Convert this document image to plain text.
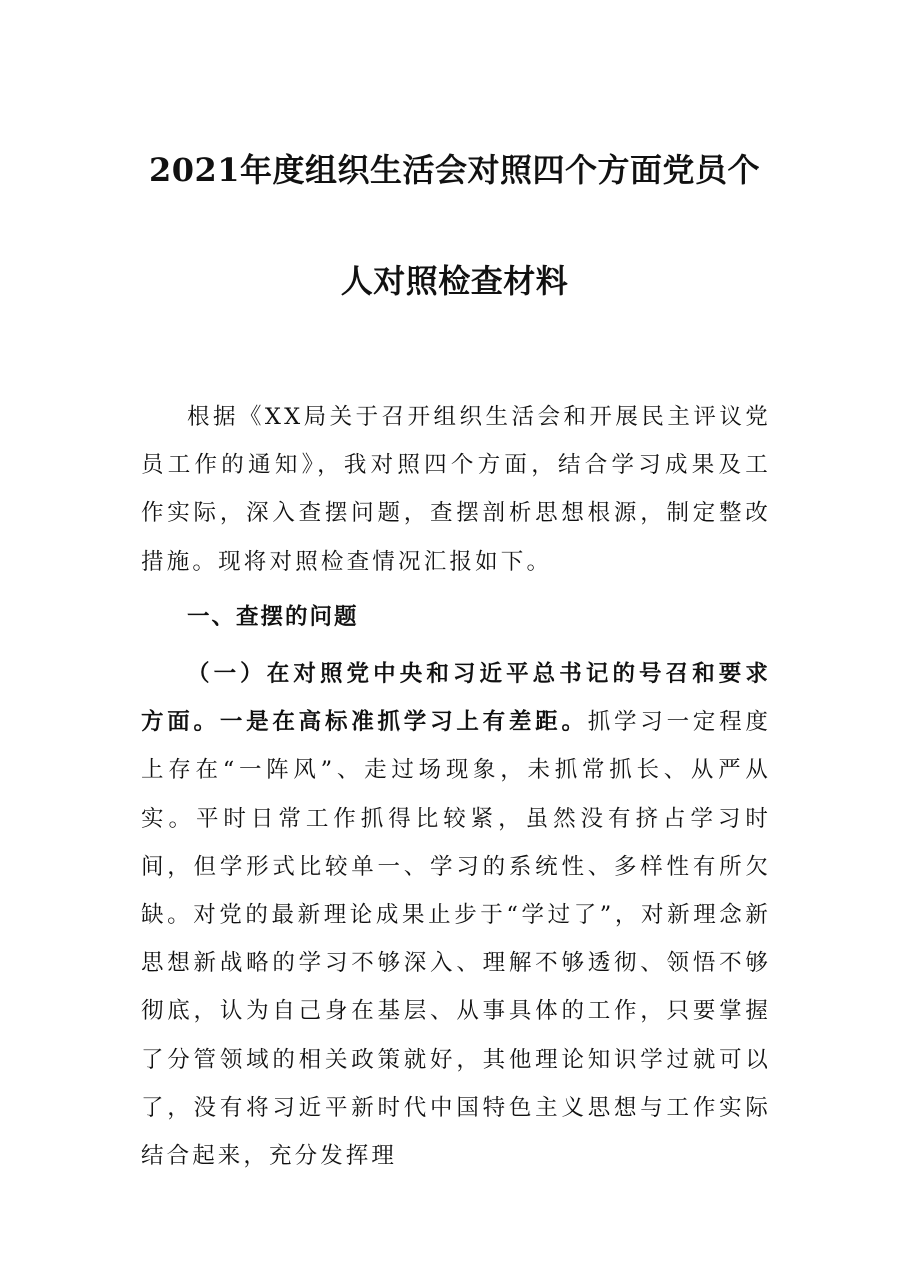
2021年度组织生活会对照四个方面党员个
人对照检查材料

根据《XX局关于召开组织生活会和开展民主评议党员工作的通知》，我对照四个方面，结合学习成果及工作实际，深入查摆问题，查摆剖析思想根源，制定整改措施。现将对照检查情况汇报如下。

一、查摆的问题

（一）在对照党中央和习近平总书记的号召和要求方面。一是在高标准抓学习上有差距。抓学习一定程度上存在“一阵风”、走过场现象，未抓常抓长、从严从实。平时日常工作抓得比较紧，虽然没有挤占学习时间，但学形式比较单一、学习的系统性、多样性有所欠缺。对党的最新理论成果止步于“学过了”，对新理念新思想新战略的学习不够深入、理解不够透彻、领悟不够彻底，认为自己身在基层、从事具体的工作，只要掌握了分管领域的相关政策就好，其他理论知识学过就可以了，没有将习近平新时代中国特色主义思想与工作实际结合起来，充分发挥理
